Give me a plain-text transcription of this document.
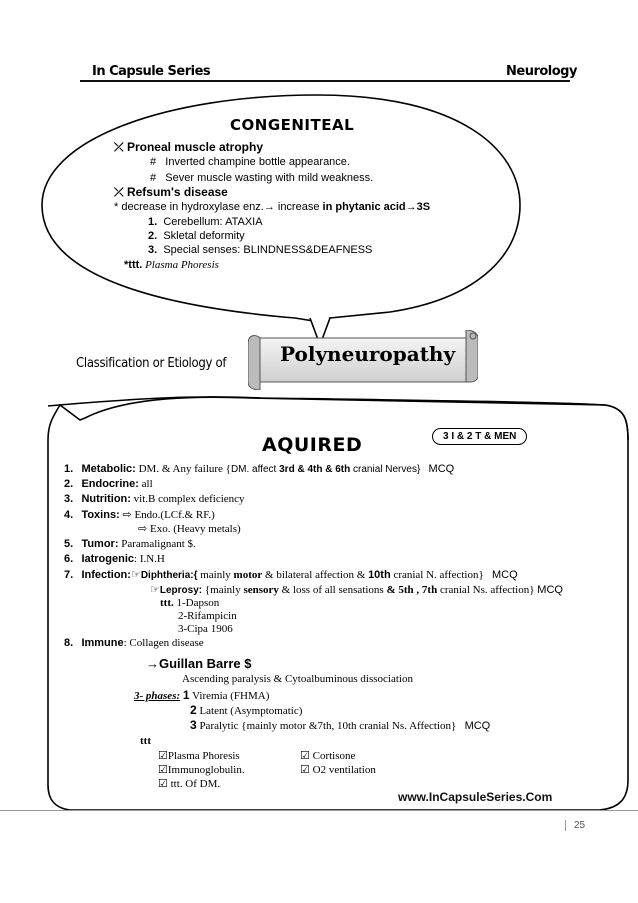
In Capsule Series	Neurology
CONGENITEAL
⤫ Proneal muscle atrophy
#   Inverted champine bottle appearance.
#   Sever muscle wasting with mild weakness.
⤫ Refsum's disease
* decrease in hydroxylase enz.→ increase in phytanic acid→3S
1. Cerebellum: ATAXIA
2. Skletal deformity
3. Special senses: BLINDNESS&DEAFNESS
*ttt. Plasma Phoresis
Classification or Etiology of	Polyneuropathy
AQUIRED	3 I & 2 T & MEN
1. Metabolic: DM. & Any failure {DM. affect 3rd & 4th & 6th cranial Nerves} MCQ
2. Endocrine: all
3. Nutrition: vit.B complex deficiency
4. Toxins: ⇨ Endo.(LCf.& RF.)
⇨ Exo. (Heavy metals)
5. Tumor: Paramalignant $.
6. Iatrogenic: I.N.H
7. Infection:☞Diphtheria:{ mainly motor & bilateral affection & 10th cranial N. affection} MCQ
☞Leprosy: {mainly sensory & loss of all sensations & 5th , 7th cranial Ns. affection} MCQ
ttt. 1-Dapson
2-Rifampicin
3-Cipa 1906
8. Immune: Collagen disease
→Guillan Barre $
Ascending paralysis & Cytoalbuminous dissociation
3- phases: 1 Viremia (FHMA)
2 Latent (Asymptomatic)
3 Paralytic {mainly motor &7th, 10th cranial Ns. Affection} MCQ
ttt
☑Plasma Phoresis	☑ Cortisone
☑Immunoglobulin.	☑ O2 ventilation
☑ ttt. Of DM.
www.InCapsuleSeries.Com
25
